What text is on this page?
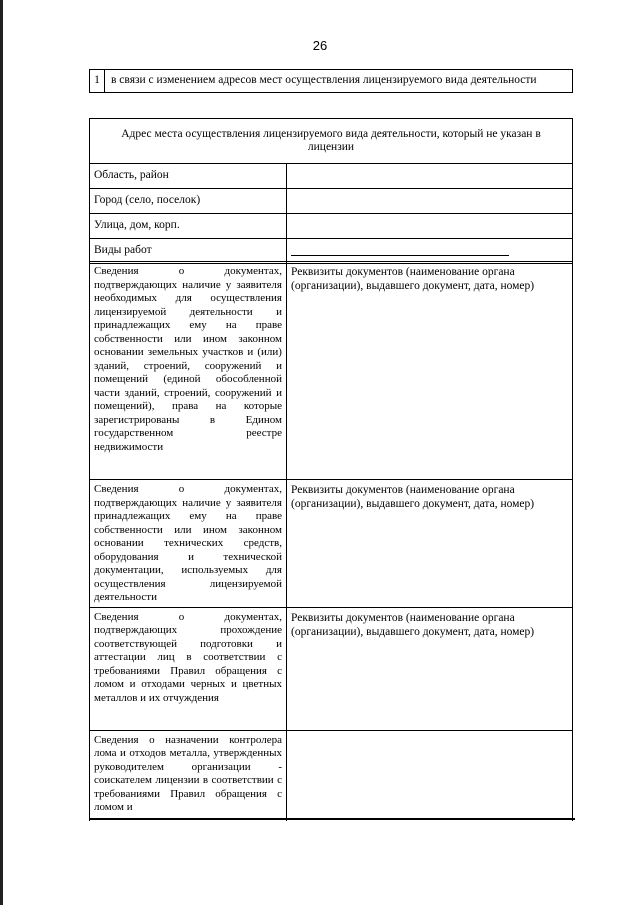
26
1	в связи с изменением адресов мест осуществления лицензируемого вида деятельности
Адрес места осуществления лицензируемого вида деятельности, который не указан в лицензии	
Область, район	
Город (село, поселок)	
Улица, дом, корп.	
Виды работ	
Сведения о документах, подтверждающих наличие у заявителя необходимых для осуществления лицензируемой деятельности и принадлежащих ему на праве собственности или ином законном основании земельных участков и (или) зданий, строений, сооружений и помещений (единой обособленной части зданий, строений, сооружений и помещений), права на которые зарегистрированы в Едином государственном реестре недвижимости	Реквизиты документов (наименование органа (организации), выдавшего документ, дата, номер)
Сведения о документах, подтверждающих наличие у заявителя принадлежащих ему на праве собственности или ином законном основании технических средств, оборудования и технической документации, используемых для осуществления лицензируемой деятельности	Реквизиты документов (наименование органа (организации), выдавшего документ, дата, номер)
Сведения о документах, подтверждающих прохождение соответствующей подготовки и аттестации лиц в соответствии с требованиями Правил обращения с ломом и отходами черных и цветных металлов и их отчуждения	Реквизиты документов (наименование органа (организации), выдавшего документ, дата, номер)
Сведения о назначении контролера лома и отходов металла, утвержденных руководителем организации - соискателем лицензии в соответствии с требованиями Правил обращения с ломом и	
